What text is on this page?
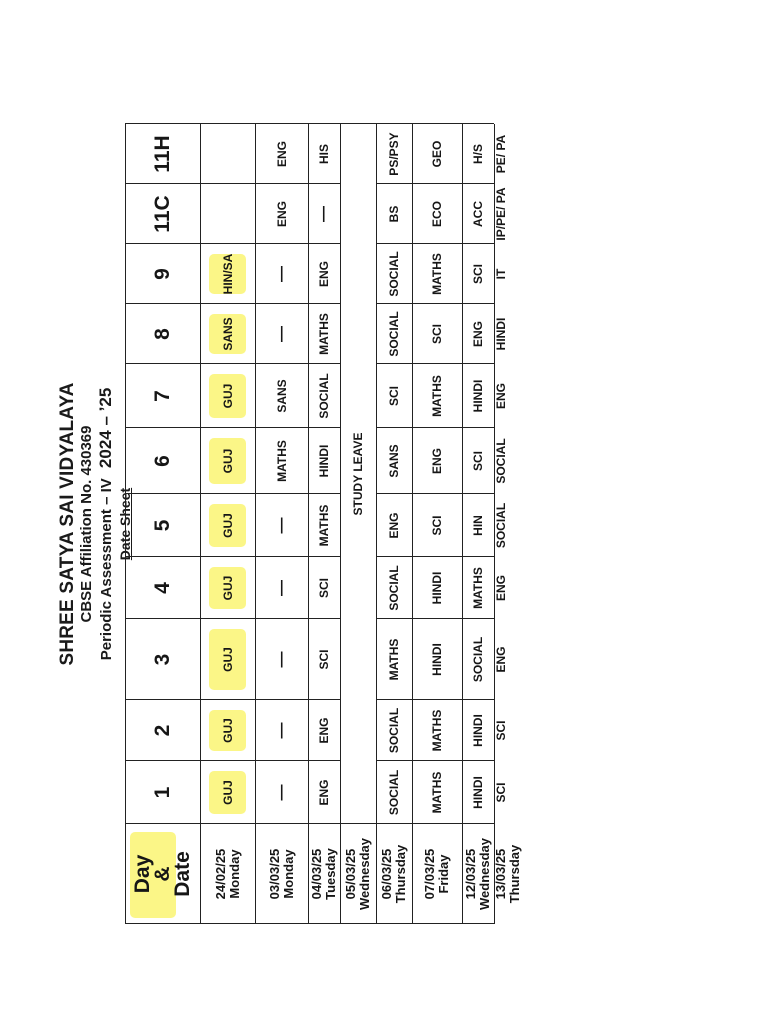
SHREE SATYA SAI VIDYALAYA CBSE Affiliation No. 430369 Periodic Assessment – IV 2024 – ’25
Date Sheet
Day
&
Date
1
2
3
4
5
6
7
8
9
11C
11H
24/02/25 Monday
GUJ
GUJ
GUJ
GUJ
GUJ
GUJ
GUJ
SANS
HIN/SA
03/03/25 Monday
—
—
—
—
—
MATHS
SANS
—
—
ENG
ENG
04/03/25 Tuesday
ENG
ENG
SCI
SCI
MATHS
HINDI
SOCIAL
MATHS
ENG
—
HIS
05/03/25 Wednesday
STUDY LEAVE
06/03/25 Thursday
SOCIAL
SOCIAL
MATHS
SOCIAL
ENG
SANS
SCI
SOCIAL
SOCIAL
BS
PS/PSY
07/03/25 Friday
MATHS
MATHS
HINDI
HINDI
SCI
ENG
MATHS
SCI
MATHS
ECO
GEO
12/03/25 Wednesday
HINDI
HINDI
SOCIAL
MATHS
HIN
SCI
HINDI
ENG
SCI
ACC
H/S
13/03/25 Thursday
SCI
SCI
ENG
ENG
SOCIAL
SOCIAL
ENG
HINDI
IT
IP/PE/ PA
PE/ PA
